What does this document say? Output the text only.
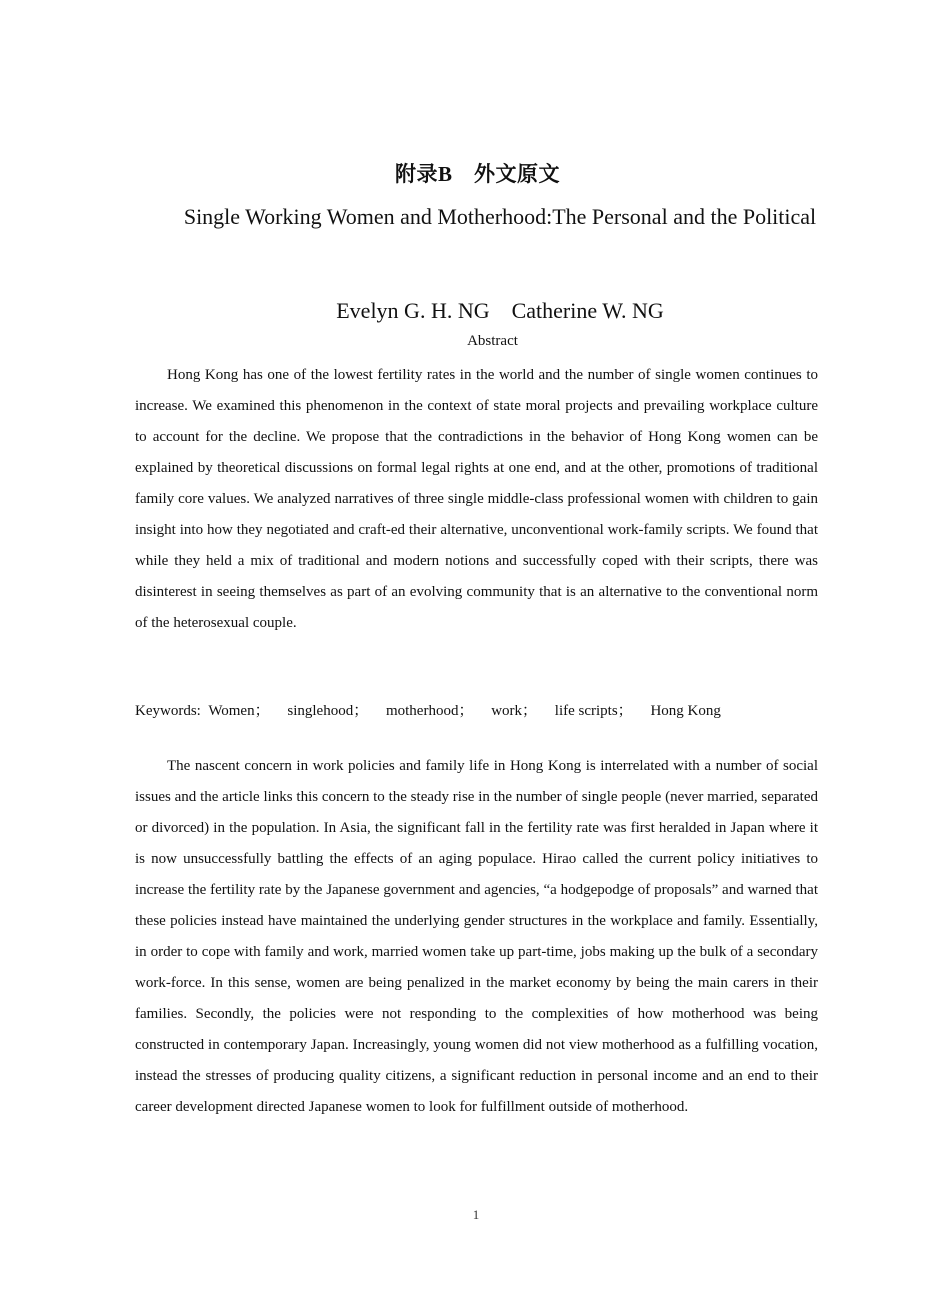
附录B　外文原文
Single Working Women and Motherhood:The Personal and the Political
Evelyn G. H. NG　Catherine W. NG
Abstract

Hong Kong has one of the lowest fertility rates in the world and the number of single women continues to increase. We examined this phenomenon in the context of state moral projects and prevailing workplace culture to account for the decline. We propose that the contradictions in the behavior of Hong Kong women can be explained by theoretical discussions on formal legal rights at one end, and at the other, promotions of traditional family core values. We analyzed narratives of three single middle-class professional women with children to gain insight into how they negotiated and craft-ed their alternative, unconventional work-family scripts. We found that while they held a mix of traditional and modern notions and successfully coped with their scripts, there was disinterest in seeing themselves as part of an evolving community that is an alternative to the conventional norm of the heterosexual couple.

Keywords: Women； singlehood； motherhood； work； life scripts； Hong Kong

The nascent concern in work policies and family life in Hong Kong is interrelated with a number of social issues and the article links this concern to the steady rise in the number of single people (never married, separated or divorced) in the population. In Asia, the significant fall in the fertility rate was first heralded in Japan where it is now unsuccessfully battling the effects of an aging populace. Hirao called the current policy initiatives to increase the fertility rate by the Japanese government and agencies, “a hodgepodge of proposals” and warned that these policies instead have maintained the underlying gender structures in the workplace and family. Essentially, in order to cope with family and work, married women take up part-time, jobs making up the bulk of a secondary work-force. In this sense, women are being penalized in the market economy by being the main carers in their families. Secondly, the policies were not responding to the complexities of how motherhood was being constructed in contemporary Japan. Increasingly, young women did not view motherhood as a fulfilling vocation, instead the stresses of producing quality citizens, a significant reduction in personal income and an end to their career development directed Japanese women to look for fulfillment outside of motherhood.

1
